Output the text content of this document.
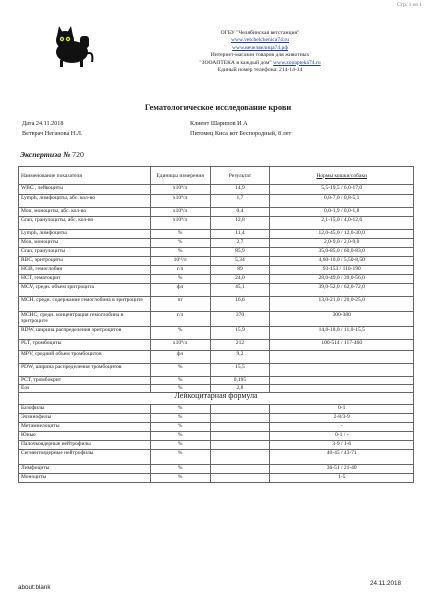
Стр. 1 из 1
ОГБУ "Челябинская ветстанция"
www.vetchelchenica74.ru
www.вечелвелица74.рф
Интернет-магазин товаров для животных
"ЗООАПТЕКА в каждый дом" www.zooapteka74.ru
Единый номер телефона: 214-14-14
Гематологическое исследование крови
Дата 24.11.2018	Клиент Шарипов И А
Ветврач Неганова Н.Л.	Питомец Киса кот Беспородный, 8 лет
Экспертиза № 720
Наименование показателя	Единицы измерения	Результат	Нормы кошки/собаки
WBC , лейкоциты	x10⁹/л	14,9	5,5-19,5 / 6,0-17,0
Lymph, лимфоциты, абс. кол-во	x10⁹/л	1,7	0,8-7,0 / 0,8-5,1
Mon, моноциты, абс. кол-во	x10⁹/л	0,4	0,0-1,9 / 0,0-1,8
Gran, гранулоциты, абс. кол-во	x10⁹/л	12,8	2,1-15,0 / 4,0-12,6
Lymph, лимфоциты	%	11,4	12,0-45,0 / 12,0-30,0
Mon, моноциты	%	2,7	2,0-9,0 / 2,0-9,0
Gran, гранулоциты	%	85,9	35,0-85,0 / 60,0-83,0
RBC, эритроциты	10¹²/л	5,34	4,60-10,0 / 5,50-8,50
HGB, гемоглобин	г/л	89	93-153 / 110-190
HCT, гематокрит	%	24,0	28,0-49,0 / 39,0-56,0
MCV, средн. объем эритроцита	фл	45,1	39,0-52,0 / 62,0-72,0
MCH, средн. содержание гемоглобина в эритроците	пг	16,6	13,0-21,0 / 20,0-25,0
MCHC, средн. концентрация гемоглобина в эритроците	г/л	370	300-380
RDW, ширина распределения эритроцитов	%	15,9	14,0-18,0 / 11,0-15,5
PLT, тромбоциты	x10⁹/л	212	100-514 / 117-460
MPV, средний объем тромбоцитов	фл	9,2	
PDW, ширина распределения тромбоцитов	%	15,5	
PCT, тромбокрит	%	0,195	
Eos	%	2,8	
Лейкоцитарная формула			
Базофилы	%		0-1
Эозинофилы	%		2-8/3-9
Метамиелоциты	%		-
Юные	%		0-1 / -
Палочкоядерные нейтрофилы	%		3-9 / 1-6
Сегментоядерные нейтрофилы	%		40-45 / 43-71
Лимфоциты	%		36-51 / 21-40
Моноциты	%		1-5
about:blank
24.11.2018
